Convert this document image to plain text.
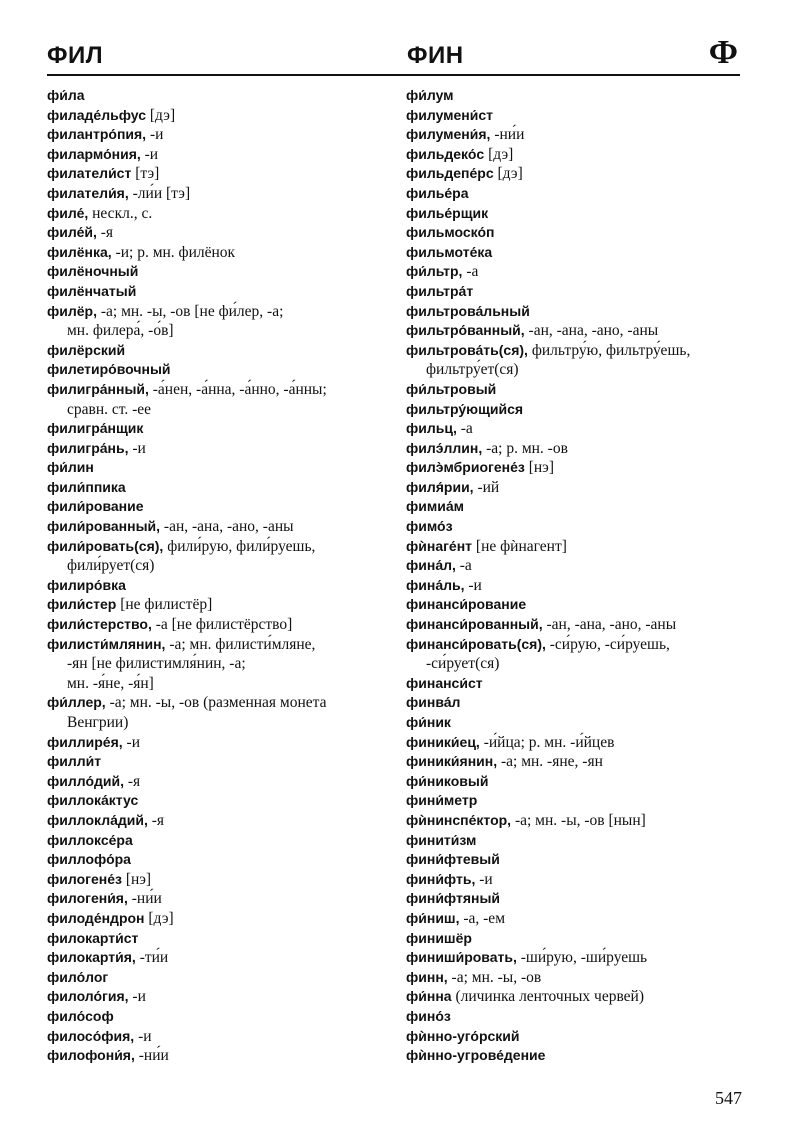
ФИЛ	ФИН	Ф
фи́ла
филаде́льфус [дэ]
филантро́пия, -и
филармо́ния, -и
филатели́ст [тэ]
филатели́я, -ли́и [тэ]
филе́, нескл., с.
филе́й, -я
филёнка, -и; р. мн. филёнок
филёночный
филёнчатый
филёр, -а; мн. -ы, -ов [не фи́лер, -а;
мн. филера́, -о́в]
филёрский
филетиро́вочный
филигра́нный, -а́нен, -а́нна, -а́нно, -а́нны;
сравн. ст. -ее
филигра́нщик
филигра́нь, -и
фи́лин
фили́ппика
фили́рование
фили́рованный, -ан, -ана, -ано, -аны
фили́ровать(ся), фили́рую, фили́руешь,
фили́рует(ся)
филиро́вка
фили́стер [не филистёр]
фили́стерство, -а [не филистёрство]
филисти́млянин, -а; мн. филисти́мляне,
-ян [не филистимля́нин, -а;
мн. -я́не, -я́н]
фи́ллер, -а; мн. -ы, -ов (разменная монета
Венгрии)
филлире́я, -и
филли́т
филло́дий, -я
филлока́ктус
филлокла́дий, -я
филлоксе́ра
филлофо́ра
филогене́з [нэ]
филогени́я, -ни́и
филоде́ндрон [дэ]
филокарти́ст
филокарти́я, -ти́и
фило́лог
филоло́гия, -и
фило́соф
филосо́фия, -и
филофони́я, -ни́и
фи́лум
филумени́ст
филумени́я, -ни́и
фильдеко́с [дэ]
фильдепе́рс [дэ]
филье́ра
филье́рщик
фильмоско́п
фильмоте́ка
фи́льтр, -а
фильтра́т
фильтрова́льный
фильтро́ванный, -ан, -ана, -ано, -аны
фильтрова́ть(ся), фильтру́ю, фильтру́ешь,
фильтру́ет(ся)
фи́льтровый
фильтру́ющийся
фильц, -а
филэ́ллин, -а; р. мн. -ов
филэ̀мбриогене́з [нэ]
филя́рии, -ий
фимиа́м
фимо́з
фѝнаге́нт [не фѝнагент]
фина́л, -а
фина́ль, -и
финанси́рование
финанси́рованный, -ан, -ана, -ано, -аны
финанси́ровать(ся), -си́рую, -си́руешь,
-си́рует(ся)
финанси́ст
финва́л
фи́ник
финики́ец, -и́йца; р. мн. -и́йцев
финики́янин, -а; мн. -яне, -ян
фи́никовый
фини́метр
фѝнинспе́ктор, -а; мн. -ы, -ов [нын]
финити́зм
фини́фтевый
фини́фть, -и
фини́фтяный
фи́ниш, -а, -ем
финишёр
финиши́ровать, -ши́рую, -ши́руешь
финн, -а; мн. -ы, -ов
фи́нна (личинка ленточных червей)
фино́з
фѝнно-уго́рский
фѝнно-угрове́дение
547
